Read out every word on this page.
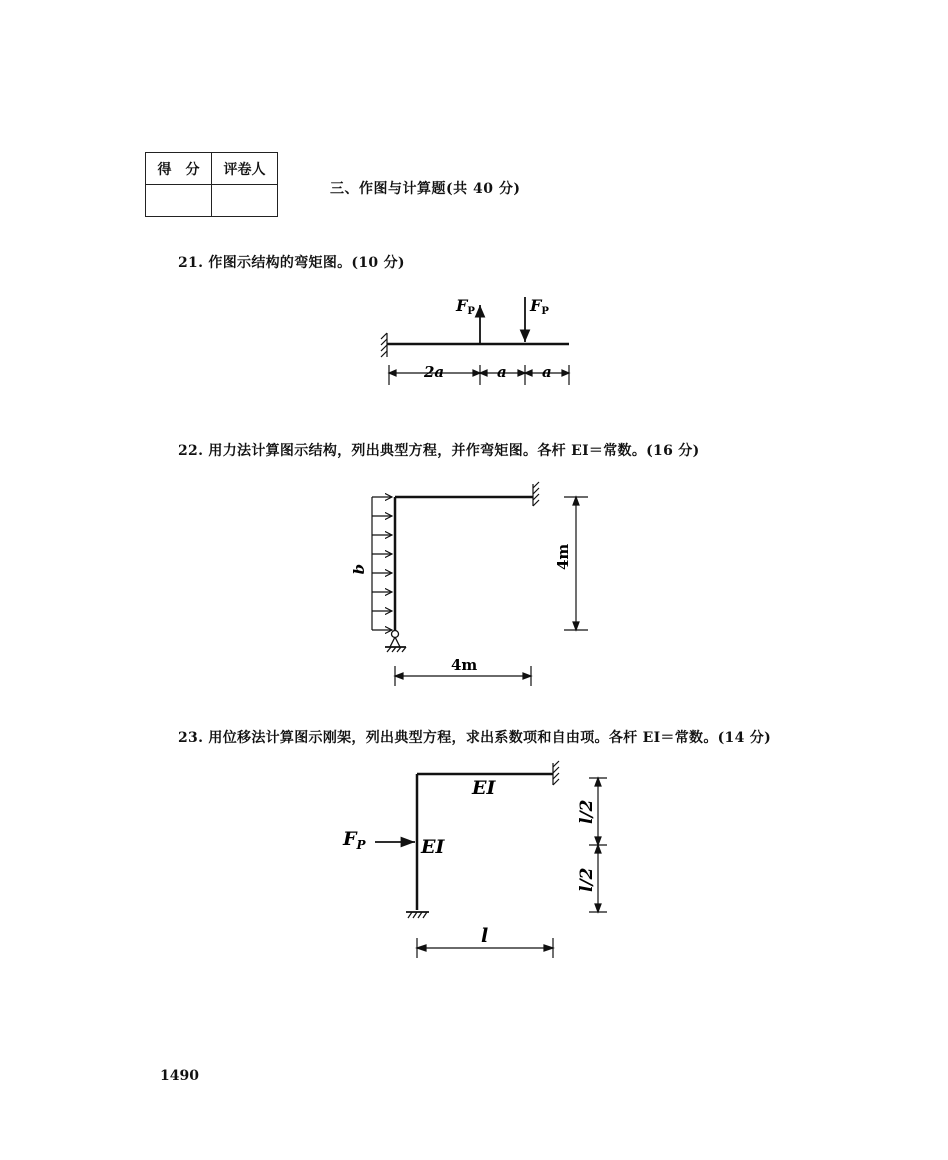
得　分	评卷人

三、作图与计算题(共 40 分)
21. 作图示结构的弯矩图。(10 分)
FP	FP
2a	a a
22. 用力法计算图示结构，列出典型方程，并作弯矩图。各杆 EI＝常数。(16 分)
q	4m
4m
23. 用位移法计算图示刚架，列出典型方程，求出系数项和自由项。各杆 EI＝常数。(14 分)
$F_P$
EI
EI
l/2
l/2
l
1490
